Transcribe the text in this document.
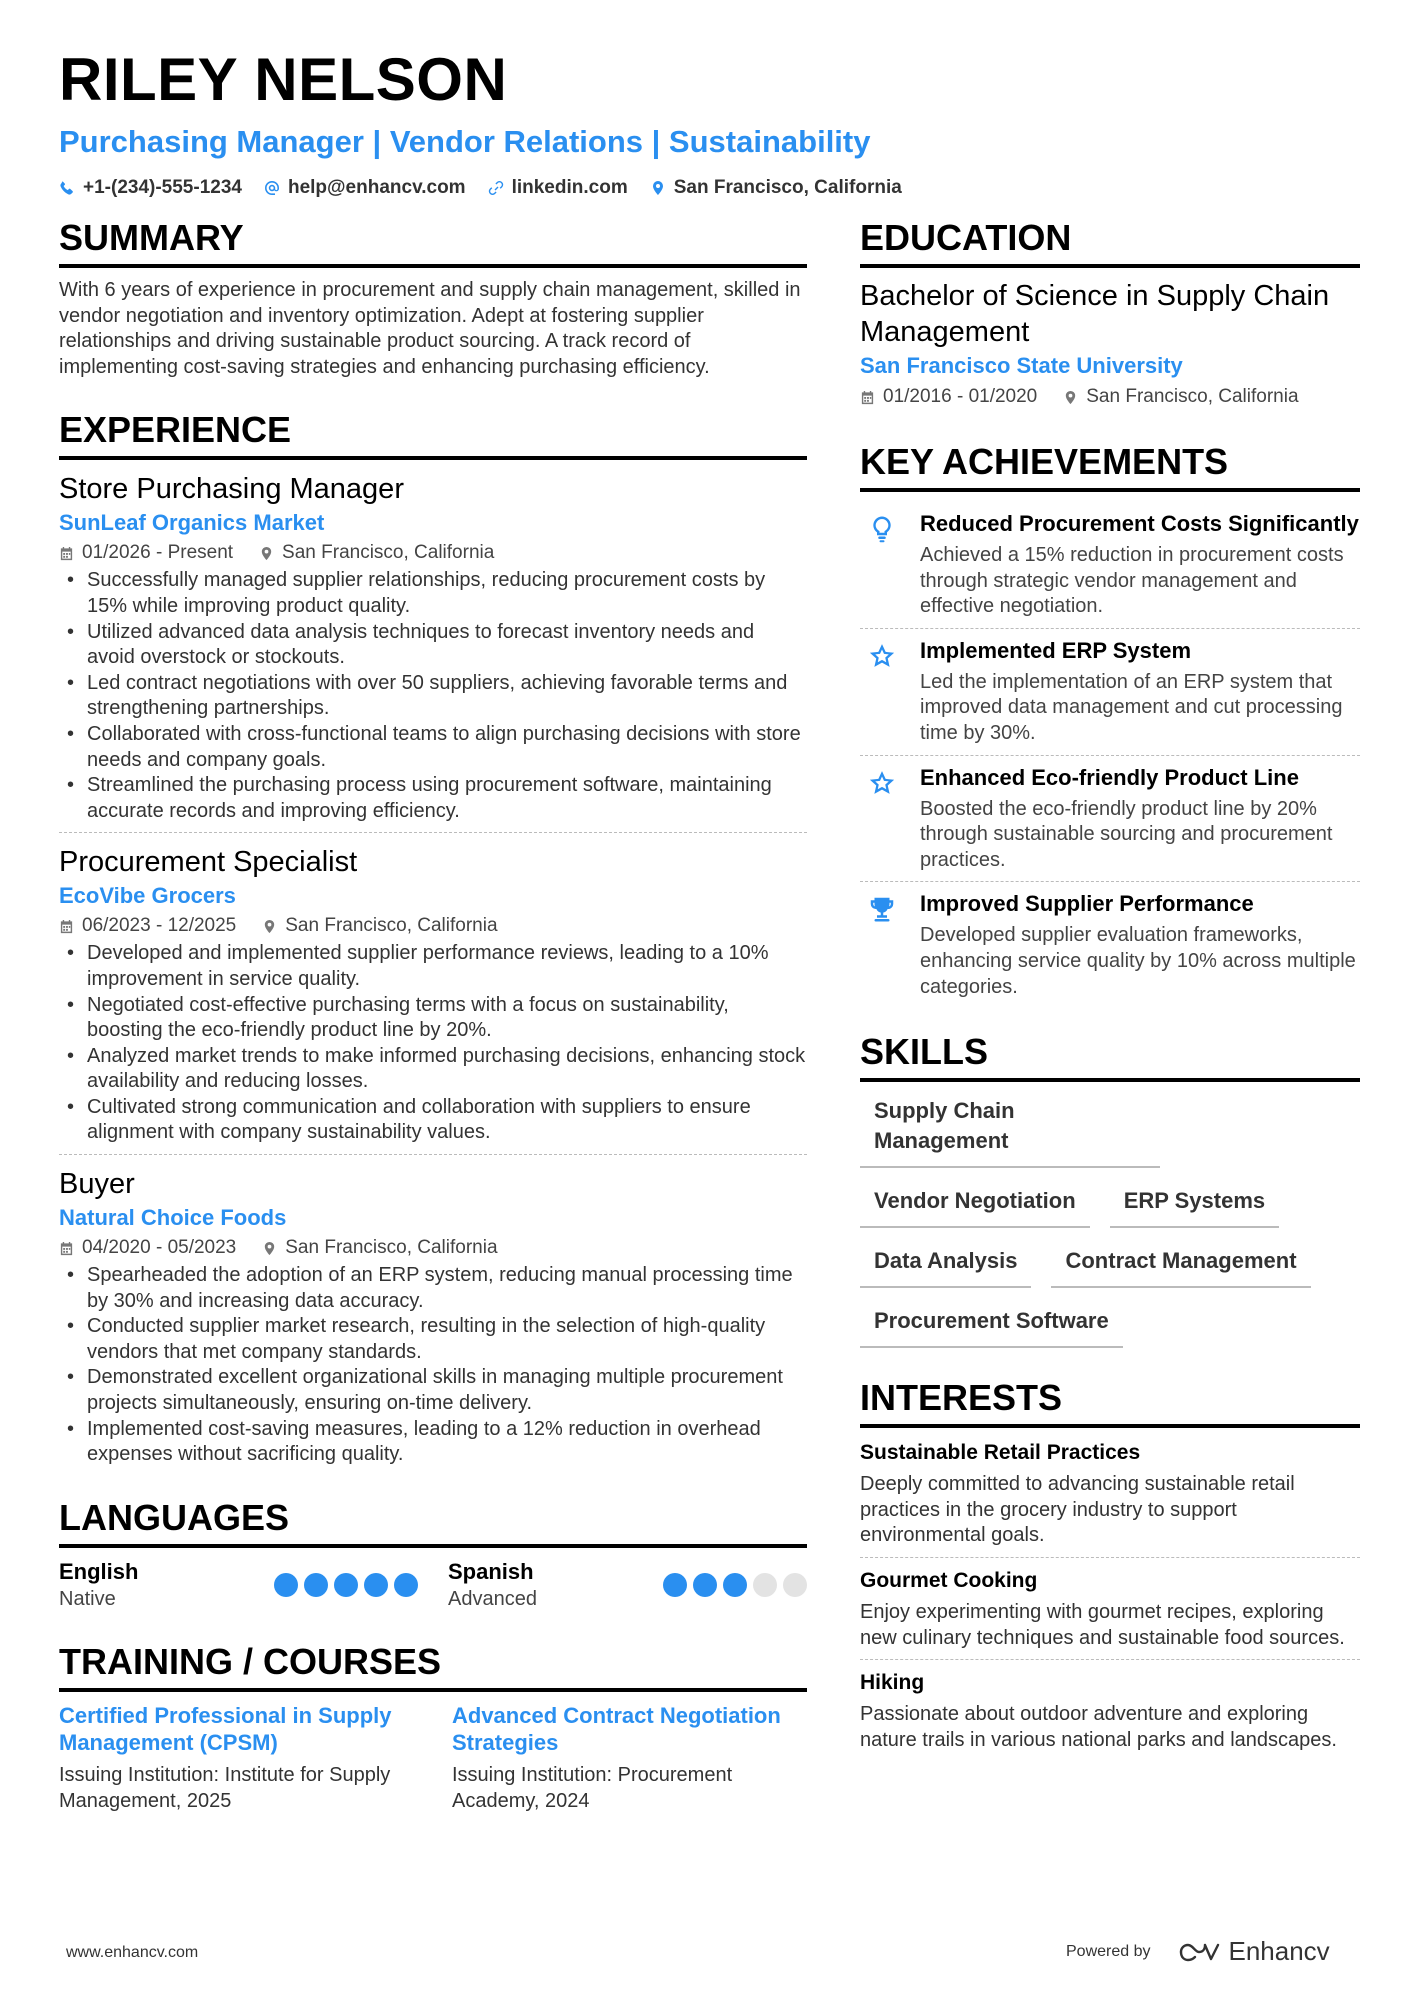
RILEY NELSON
Purchasing Manager | Vendor Relations | Sustainability
+1-(234)-555-1234 help@enhancv.com linkedin.com San Francisco, California
SUMMARY
With 6 years of experience in procurement and supply chain management, skilled in vendor negotiation and inventory optimization. Adept at fostering supplier relationships and driving sustainable product sourcing. A track record of implementing cost-saving strategies and enhancing purchasing efficiency.
EXPERIENCE
Store Purchasing Manager
SunLeaf Organics Market
01/2026 - Present	San Francisco, California
• Successfully managed supplier relationships, reducing procurement costs by 15% while improving product quality.
• Utilized advanced data analysis techniques to forecast inventory needs and avoid overstock or stockouts.
• Led contract negotiations with over 50 suppliers, achieving favorable terms and strengthening partnerships.
• Collaborated with cross-functional teams to align purchasing decisions with store needs and company goals.
• Streamlined the purchasing process using procurement software, maintaining accurate records and improving efficiency.
Procurement Specialist
EcoVibe Grocers
06/2023 - 12/2025	San Francisco, California
• Developed and implemented supplier performance reviews, leading to a 10% improvement in service quality.
• Negotiated cost-effective purchasing terms with a focus on sustainability, boosting the eco-friendly product line by 20%.
• Analyzed market trends to make informed purchasing decisions, enhancing stock availability and reducing losses.
• Cultivated strong communication and collaboration with suppliers to ensure alignment with company sustainability values.
Buyer
Natural Choice Foods
04/2020 - 05/2023	San Francisco, California
• Spearheaded the adoption of an ERP system, reducing manual processing time by 30% and increasing data accuracy.
• Conducted supplier market research, resulting in the selection of high-quality vendors that met company standards.
• Demonstrated excellent organizational skills in managing multiple procurement projects simultaneously, ensuring on-time delivery.
• Implemented cost-saving measures, leading to a 12% reduction in overhead expenses without sacrificing quality.
LANGUAGES
English
Native
Spanish
Advanced
TRAINING / COURSES
Certified Professional in Supply Management (CPSM)
Issuing Institution: Institute for Supply Management, 2025
Advanced Contract Negotiation Strategies
Issuing Institution: Procurement Academy, 2024
EDUCATION
Bachelor of Science in Supply Chain Management
San Francisco State University
01/2016 - 01/2020	San Francisco, California
KEY ACHIEVEMENTS
Reduced Procurement Costs Significantly
Achieved a 15% reduction in procurement costs through strategic vendor management and effective negotiation.
Implemented ERP System
Led the implementation of an ERP system that improved data management and cut processing time by 30%.
Enhanced Eco-friendly Product Line
Boosted the eco-friendly product line by 20% through sustainable sourcing and procurement practices.
Improved Supplier Performance
Developed supplier evaluation frameworks, enhancing service quality by 10% across multiple categories.
SKILLS
Supply Chain Management
Vendor Negotiation	ERP Systems
Data Analysis	Contract Management
Procurement Software
INTERESTS
Sustainable Retail Practices
Deeply committed to advancing sustainable retail practices in the grocery industry to support environmental goals.
Gourmet Cooking
Enjoy experimenting with gourmet recipes, exploring new culinary techniques and sustainable food sources.
Hiking
Passionate about outdoor adventure and exploring nature trails in various national parks and landscapes.
www.enhancv.com	Powered by	Enhancv
